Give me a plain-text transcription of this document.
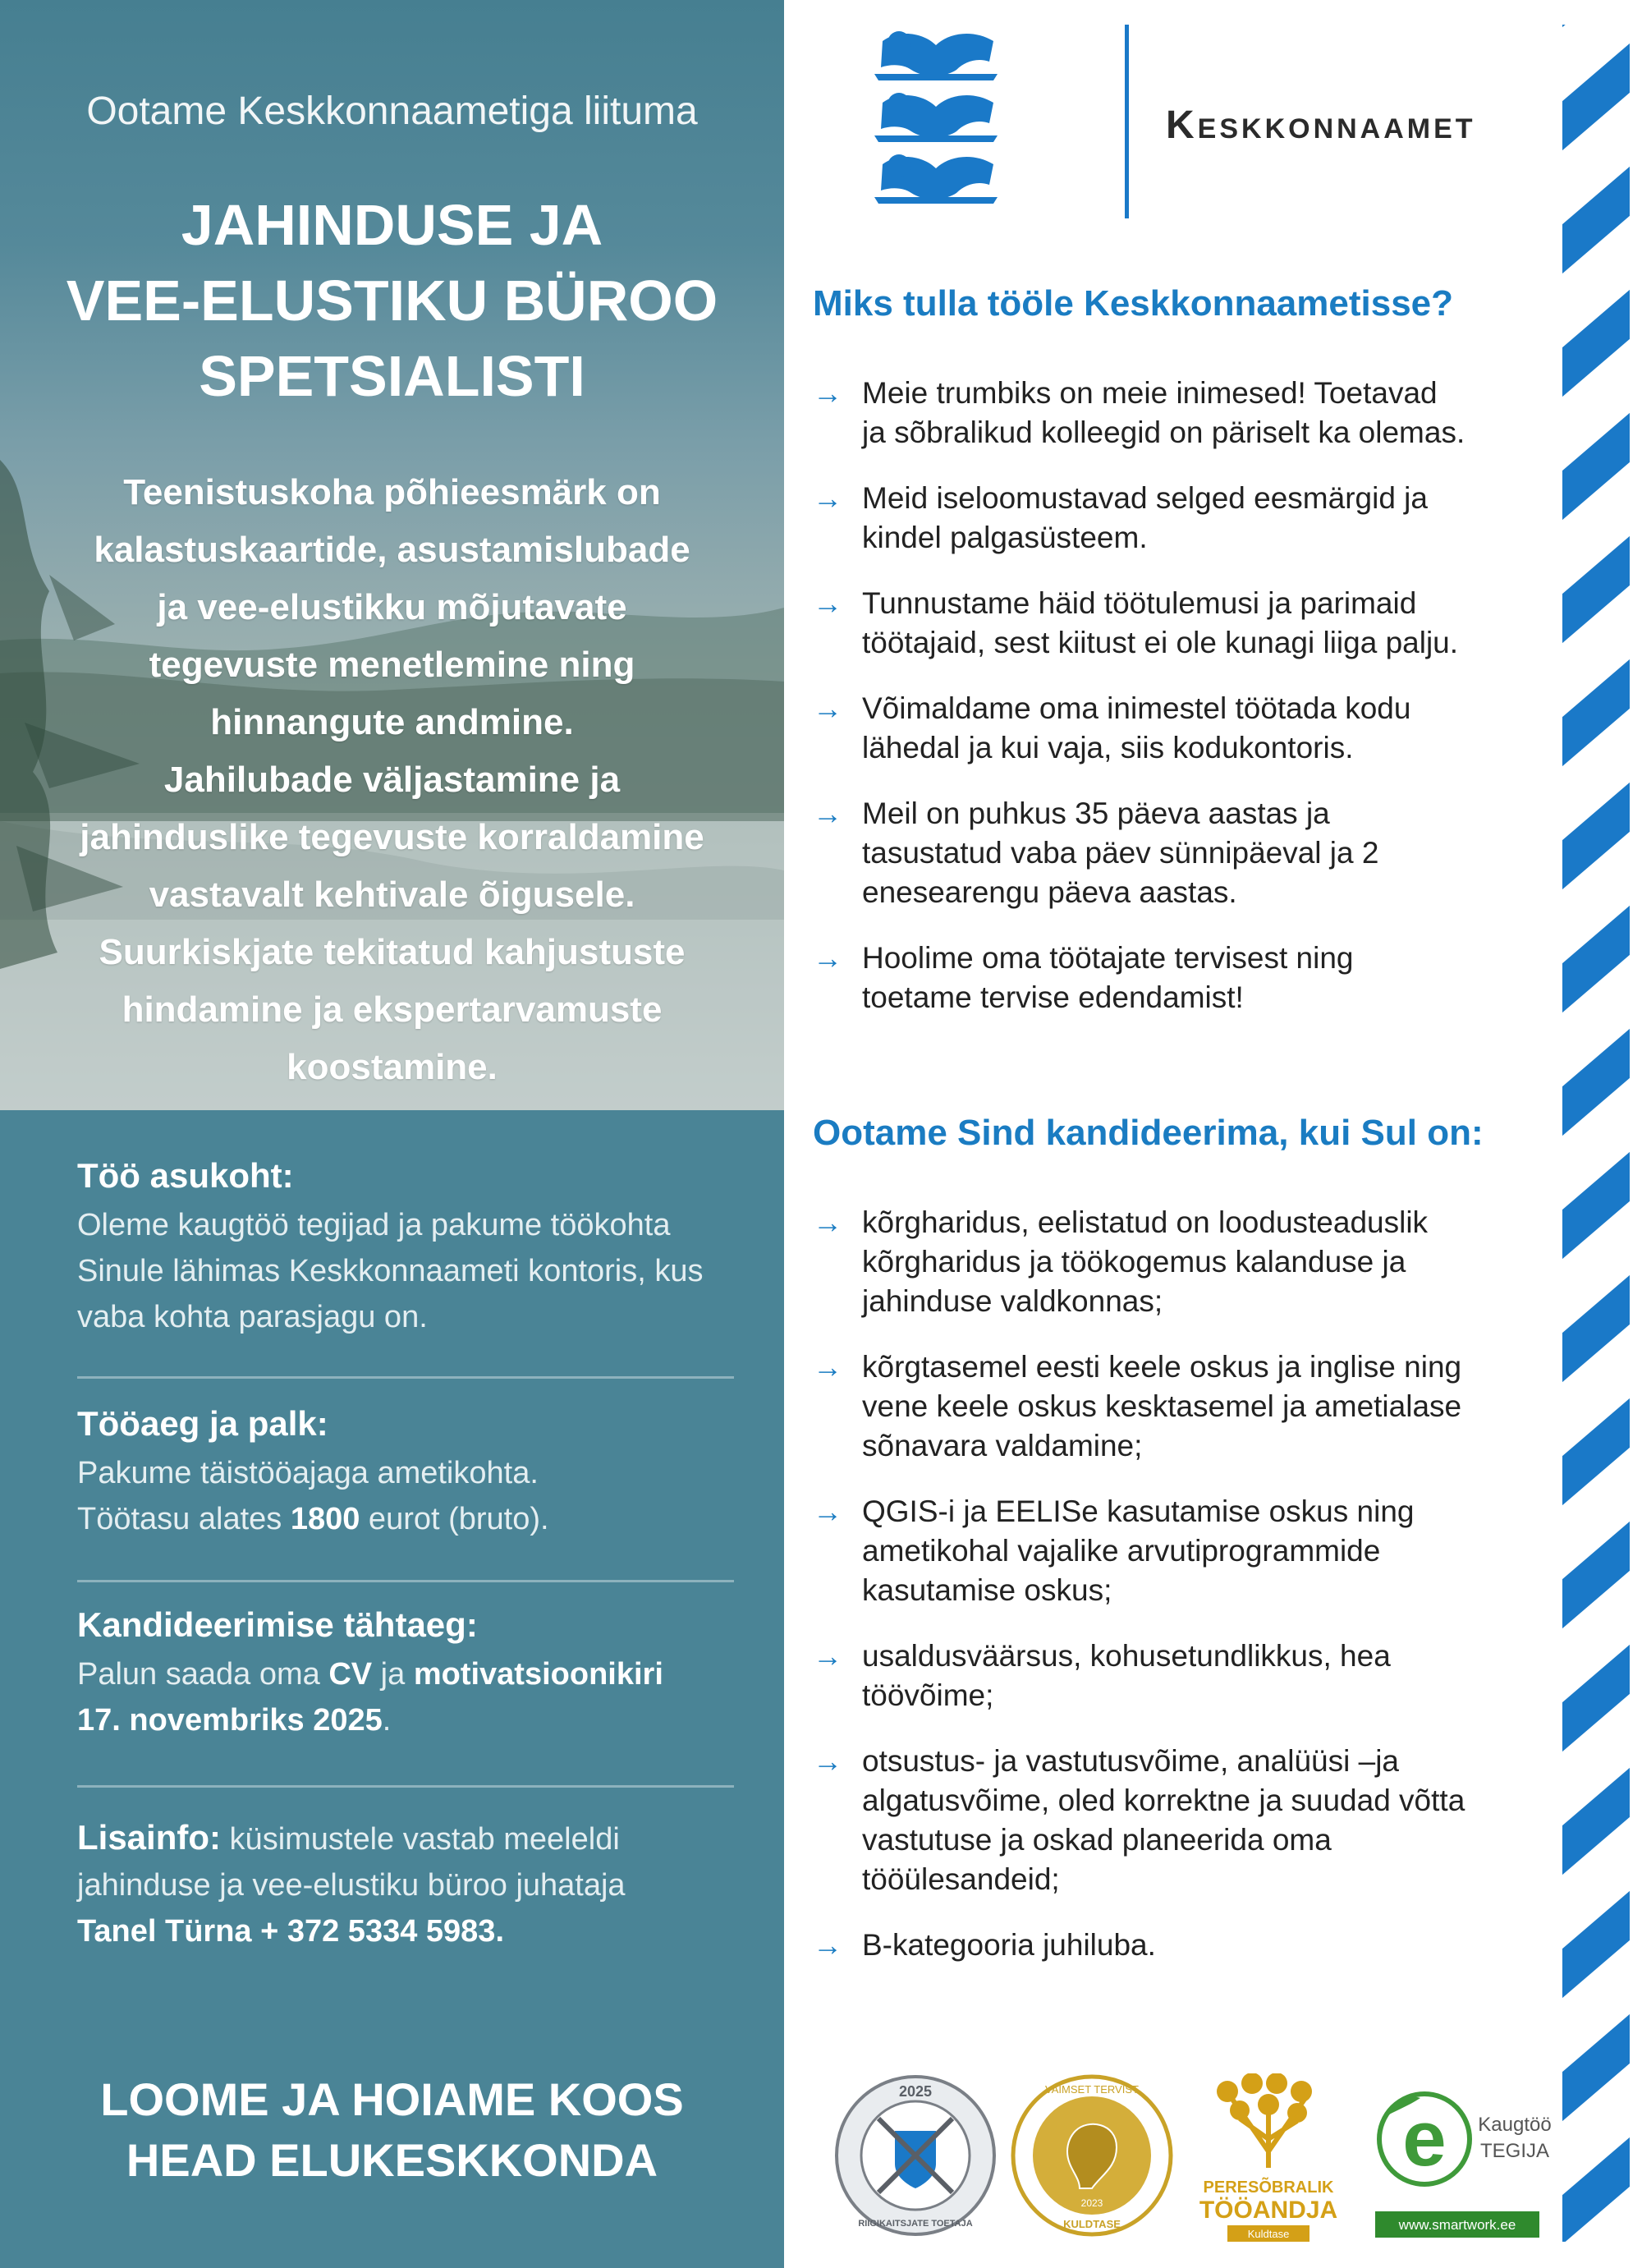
Ootame Keskkonnaametiga liituma
JAHINDUSE JA
VEE-ELUSTIKU BÜROO
SPETSIALISTI
Teenistuskoha põhieesmärk on
kalastuskaartide, asustamislubade
ja vee-elustikku mõjutavate
tegevuste menetlemine ning
hinnangute andmine.
Jahilubade väljastamine ja
jahinduslike tegevuste korraldamine
vastavalt kehtivale õigusele.
Suurkiskjate tekitatud kahjustuste
hindamine ja ekspertarvamuste
koostamine.
Töö asukoht:

Oleme kaugtöö tegijad ja pakume töökohta

Sinule lähimas Keskkonnaameti kontoris, kus

vaba kohta parasjagu on.

Tööaeg ja palk:

Pakume täistööajaga ametikohta.

Töötasu alates 1800 eurot (bruto).

Kandideerimise tähtaeg:

Palun saada oma CV ja motivatsioonikiri

17. novembriks 2025.

Lisainfo: küsimustele vastab meeleldi

jahinduse ja vee-elustiku büroo juhataja

Tanel Türna + 372 5334 5983.

LOOME JA HOIAME KOOS
HEAD ELUKESKKONDA
Keskkonnaamet
Miks tulla tööle Keskkonnaametisse?
→ Meie trumbiks on meie inimesed! Toetavad
ja sõbralikud kolleegid on päriselt ka olemas.
→ Meid iseloomustavad selged eesmärgid ja
kindel palgasüsteem.
→ Tunnustame häid töötulemusi ja parimaid
töötajaid, sest kiitust ei ole kunagi liiga palju.
→ Võimaldame oma inimestel töötada kodu
lähedal ja kui vaja, siis kodukontoris.
→ Meil on puhkus 35 päeva aastas ja
tasustatud vaba päev sünnipäeval ja 2
enesearengu päeva aastas.
→ Hoolime oma töötajate tervisest ning
toetame tervise edendamist!
Ootame Sind kandideerima, kui Sul on:
→ kõrgharidus, eelistatud on loodusteaduslik
kõrgharidus ja töökogemus kalanduse ja
jahinduse valdkonnas;
→ kõrgtasemel eesti keele oskus ja inglise ning
vene keele oskus kesktasemel ja ametialase
sõnavara valdamine;
→ QGIS-i ja EELISe kasutamise oskus ning
ametikohal vajalike arvutiprogrammide
kasutamise oskus;
→ usaldusväärsus, kohusetundlikkus, hea
töövõime;
→ otsustus- ja vastutusvõime, analüüsi –ja
algatusvõime, oled korrektne ja suudad võtta
vastutuse ja oskad planeerida oma
tööülesandeid;
→ B-kategooria juhiluba.
2025
RIIGIKAITSJATE TOETAJA
VAIMSET TERVIST
2023
KULDTASE
PERESÕBRALIK
TÖÖANDJA
Kuldtase
e Kaugtöö
TEGIJA
www.smartwork.ee
